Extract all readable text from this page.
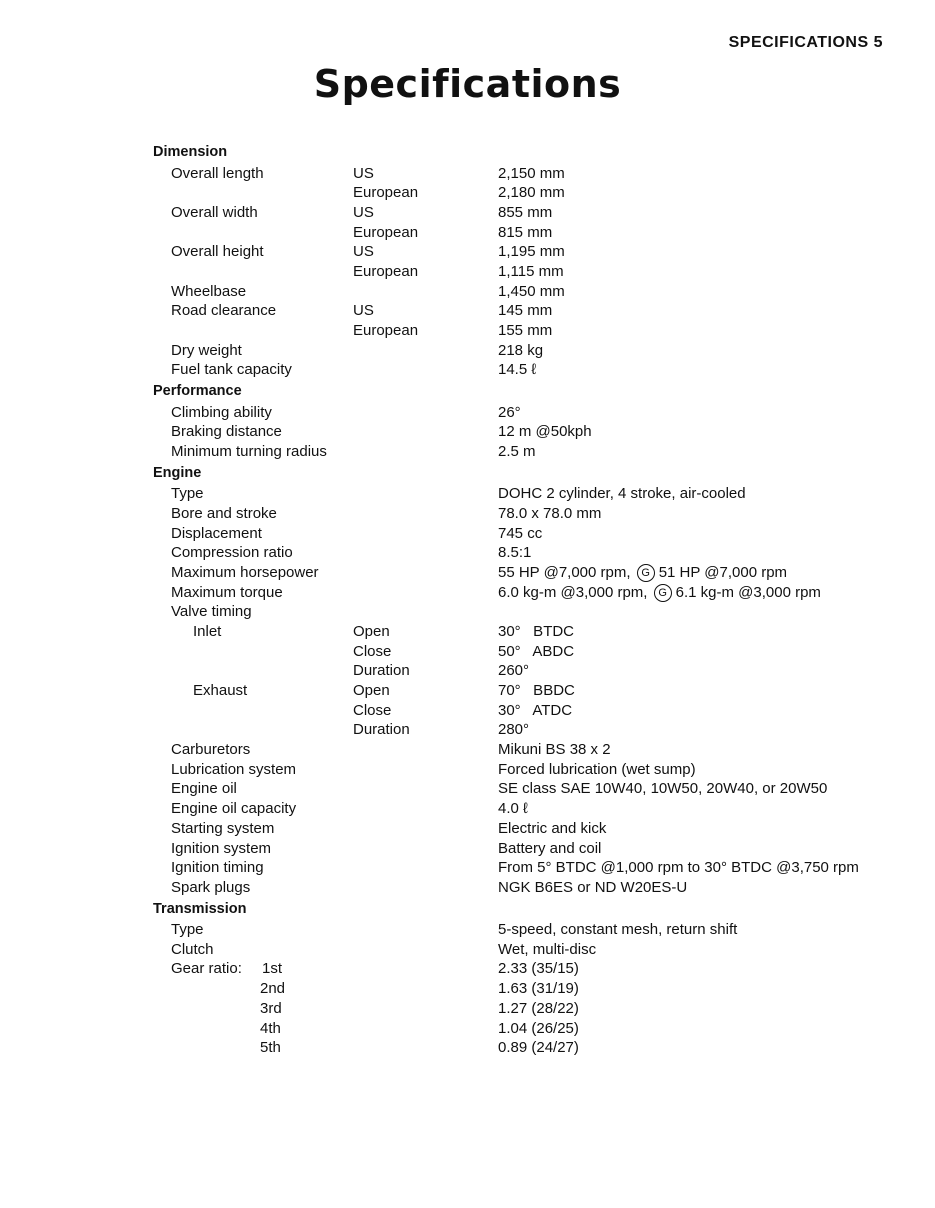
SPECIFICATIONS 5
Specifications
Dimension
Overall length	US	2,150 mm
European	2,180 mm
Overall width	US	855 mm
European	815 mm
Overall height	US	1,195 mm
European	1,115 mm
Wheelbase	1,450 mm
Road clearance	US	145 mm
European	155 mm
Dry weight	218 kg
Fuel tank capacity	14.5 ℓ
Performance
Climbing ability	26°
Braking distance	12 m @50kph
Minimum turning radius	2.5 m
Engine
Type	DOHC 2 cylinder, 4 stroke, air-cooled
Bore and stroke	78.0 x 78.0 mm
Displacement	745 cc
Compression ratio	8.5:1
Maximum horsepower	55 HP @7,000 rpm, G 51 HP @7,000 rpm
Maximum torque	6.0 kg-m @3,000 rpm, G 6.1 kg-m @3,000 rpm
Valve timing
Inlet	Open	30°   BTDC
Close	50°   ABDC
Duration	260°
Exhaust	Open	70°   BBDC
Close	30°   ATDC
Duration	280°
Carburetors	Mikuni BS 38 x 2
Lubrication system	Forced lubrication (wet sump)
Engine oil	SE class SAE 10W40, 10W50, 20W40, or 20W50
Engine oil capacity	4.0 ℓ
Starting system	Electric and kick
Ignition system	Battery and coil
Ignition timing	From 5° BTDC @1,000 rpm to 30° BTDC @3,750 rpm
Spark plugs	NGK B6ES or ND W20ES-U
Transmission
Type	5-speed, constant mesh, return shift
Clutch	Wet, multi-disc
Gear ratio: 1st	2.33 (35/15)
2nd	1.63 (31/19)
3rd	1.27 (28/22)
4th	1.04 (26/25)
5th	0.89 (24/27)
